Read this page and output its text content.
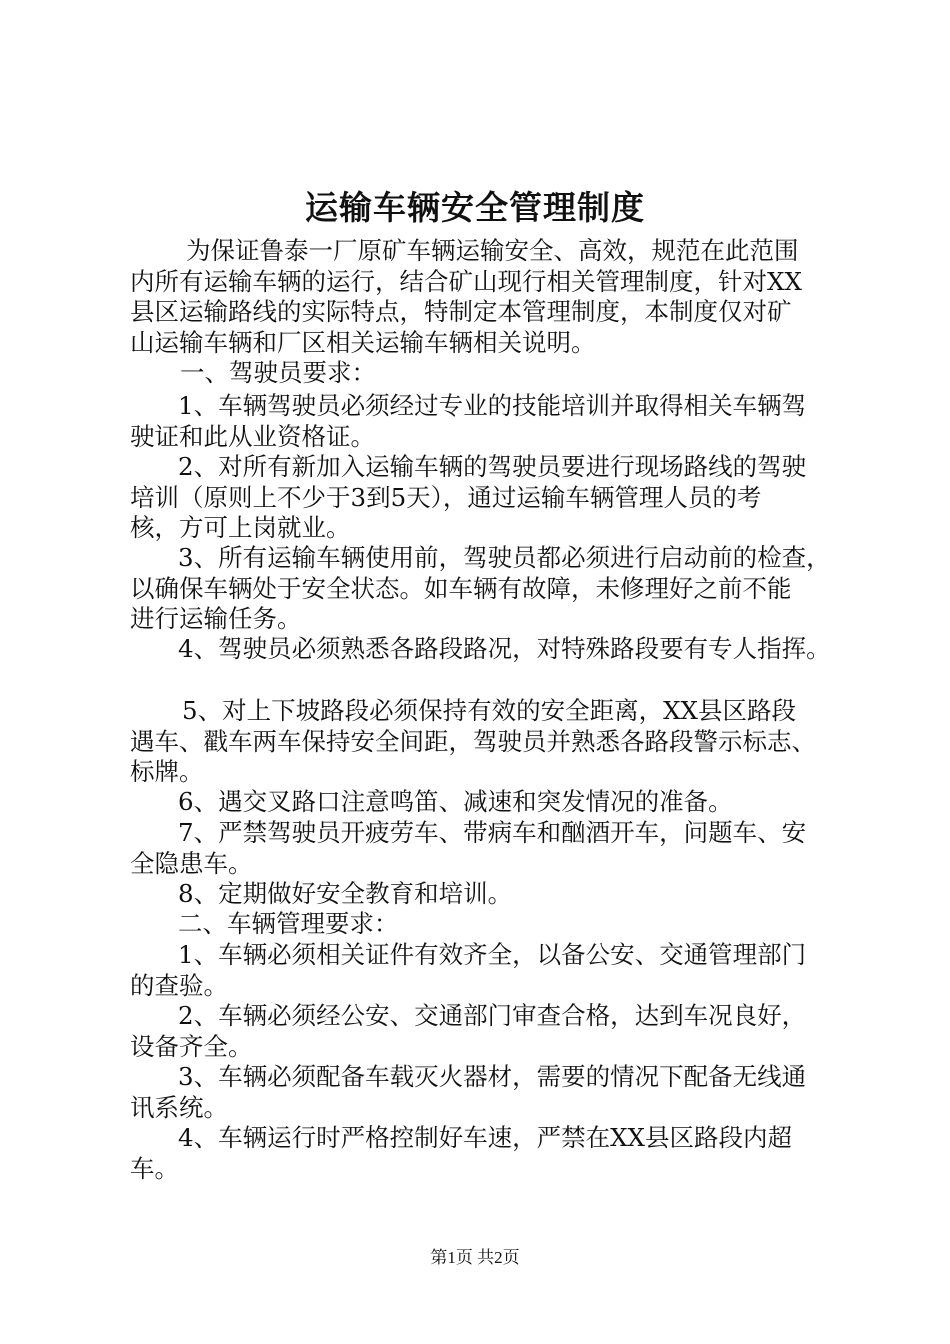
运输车辆安全管理制度
为保证鲁泰一厂原矿车辆运输安全、高效，规范在此范围
内所有运输车辆的运行，结合矿山现行相关管理制度，针对XX
县区运输路线的实际特点，特制定本管理制度，本制度仅对矿
山运输车辆和厂区相关运输车辆相关说明。
一、驾驶员要求：
1、车辆驾驶员必须经过专业的技能培训并取得相关车辆驾
驶证和此从业资格证。
2、对所有新加入运输车辆的驾驶员要进行现场路线的驾驶
培训（原则上不少于3到5天），通过运输车辆管理人员的考
核，方可上岗就业。
3、所有运输车辆使用前，驾驶员都必须进行启动前的检查，
以确保车辆处于安全状态。如车辆有故障，未修理好之前不能
进行运输任务。
4、驾驶员必须熟悉各路段路况，对特殊路段要有专人指挥。
5、对上下坡路段必须保持有效的安全距离，XX县区路段
遇车、戳车两车保持安全间距，驾驶员并熟悉各路段警示标志、
标牌。
6、遇交叉路口注意鸣笛、减速和突发情况的准备。
7、严禁驾驶员开疲劳车、带病车和酗酒开车，问题车、安
全隐患车。
8、定期做好安全教育和培训。
二、车辆管理要求：
1、车辆必须相关证件有效齐全，以备公安、交通管理部门
的查验。
2、车辆必须经公安、交通部门审查合格，达到车况良好，
设备齐全。
3、车辆必须配备车载灭火器材，需要的情况下配备无线通
讯系统。
4、车辆运行时严格控制好车速，严禁在XX县区路段内超
车。
第1页 共2页
